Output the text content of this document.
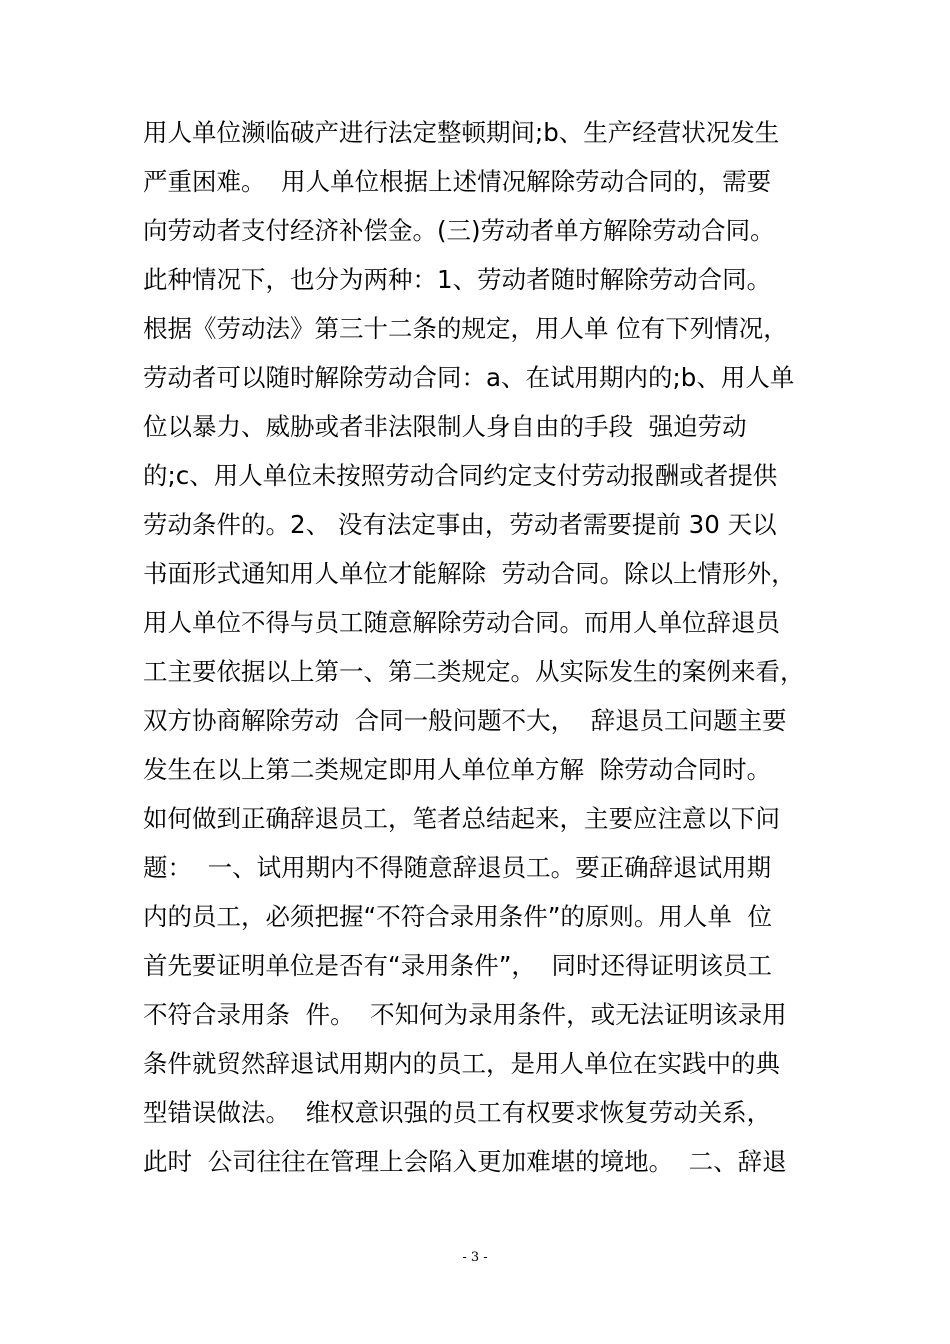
用人单位濒临破产进行法定整顿期间;b、生产经营状况发生
严重困难。  用人单位根据上述情况解除劳动合同的，需要
向劳动者支付经济补偿金。(三)劳动者单方解除劳动合同。
此种情况下，也分为两种：1、劳动者随时解除劳动合同。
根据《劳动法》第三十二条的规定，用人单 位有下列情况，
劳动者可以随时解除劳动合同：a、在试用期内的;b、用人单
位以暴力、威胁或者非法限制人身自由的手段  强迫劳动
的;c、用人单位未按照劳动合同约定支付劳动报酬或者提供
劳动条件的。2、 没有法定事由，劳动者需要提前 30 天以
书面形式通知用人单位才能解除  劳动合同。除以上情形外，
用人单位不得与员工随意解除劳动合同。而用人单位辞退员
工主要依据以上第一、第二类规定。从实际发生的案例来看，
双方协商解除劳动  合同一般问题不大，  辞退员工问题主要
发生在以上第二类规定即用人单位单方解  除劳动合同时。
如何做到正确辞退员工，笔者总结起来，主要应注意以下问
题：  一、试用期内不得随意辞退员工。要正确辞退试用期
内的员工，必须把握“不符合录用条件”的原则。用人单  位
首先要证明单位是否有“录用条件”，  同时还得证明该员工
不符合录用条  件。  不知何为录用条件，或无法证明该录用
条件就贸然辞退试用期内的员工，是用人单位在实践中的典
型错误做法。  维权意识强的员工有权要求恢复劳动关系，
此时  公司往往在管理上会陷入更加难堪的境地。  二、辞退
- 3 -
